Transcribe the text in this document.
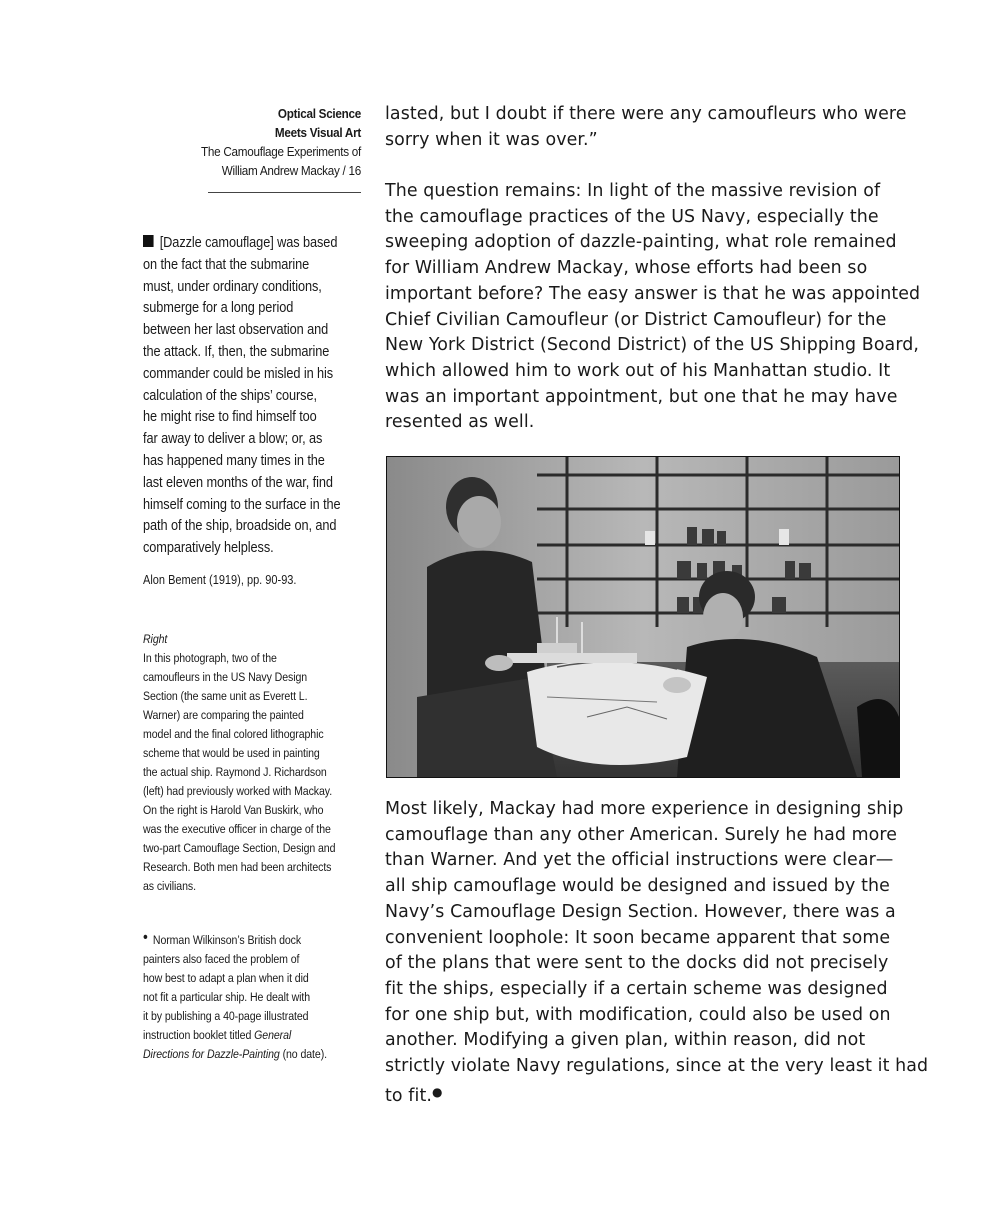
Optical Science
Meets Visual Art
The Camouflage Experiments of
William Andrew Mackay / 16
[Dazzle camouflage] was based
on the fact that the submarine
must, under ordinary conditions,
submerge for a long period
between her last observation and
the attack. If, then, the submarine
commander could be misled in his
calculation of the ships’ course,
he might rise to find himself too
far away to deliver a blow; or, as
has happened many times in the
last eleven months of the war, find
himself coming to the surface in the
path of the ship, broadside on, and
comparatively helpless.
Alon Bement (1919), pp. 90-93.
Right
In this photograph, two of the
camoufleurs in the US Navy Design
Section (the same unit as Everett L.
Warner) are comparing the painted
model and the final colored lithographic
scheme that would be used in painting
the actual ship. Raymond J. Richardson
(left) had previously worked with Mackay.
On the right is Harold Van Buskirk, who
was the executive officer in charge of the
two-part Camouflage Section, Design and
Research. Both men had been architects
as civilians.
• Norman Wilkinson’s British dock
painters also faced the problem of
how best to adapt a plan when it did
not fit a particular ship. He dealt with
it by publishing a 40-page illustrated
instruction booklet titled General
Directions for Dazzle-Painting (no date).
lasted, but I doubt if there were any camoufleurs who were
sorry when it was over.”
The question remains: In light of the massive revision of
the camouflage practices of the US Navy, especially the
sweeping adoption of dazzle-painting, what role remained
for William Andrew Mackay, whose efforts had been so
important before? The easy answer is that he was appointed
Chief Civilian Camoufleur (or District Camoufleur) for the
New York District (Second District) of the US Shipping Board,
which allowed him to work out of his Manhattan studio. It
was an important appointment, but one that he may have
resented as well.
Most likely, Mackay had more experience in designing ship
camouflage than any other American. Surely he had more
than Warner. And yet the official instructions were clear—
all ship camouflage would be designed and issued by the
Navy’s Camouflage Design Section. However, there was a
convenient loophole: It soon became apparent that some
of the plans that were sent to the docks did not precisely
fit the ships, especially if a certain scheme was designed
for one ship but, with modification, could also be used on
another. Modifying a given plan, within reason, did not
strictly violate Navy regulations, since at the very least it had
to fit.●
